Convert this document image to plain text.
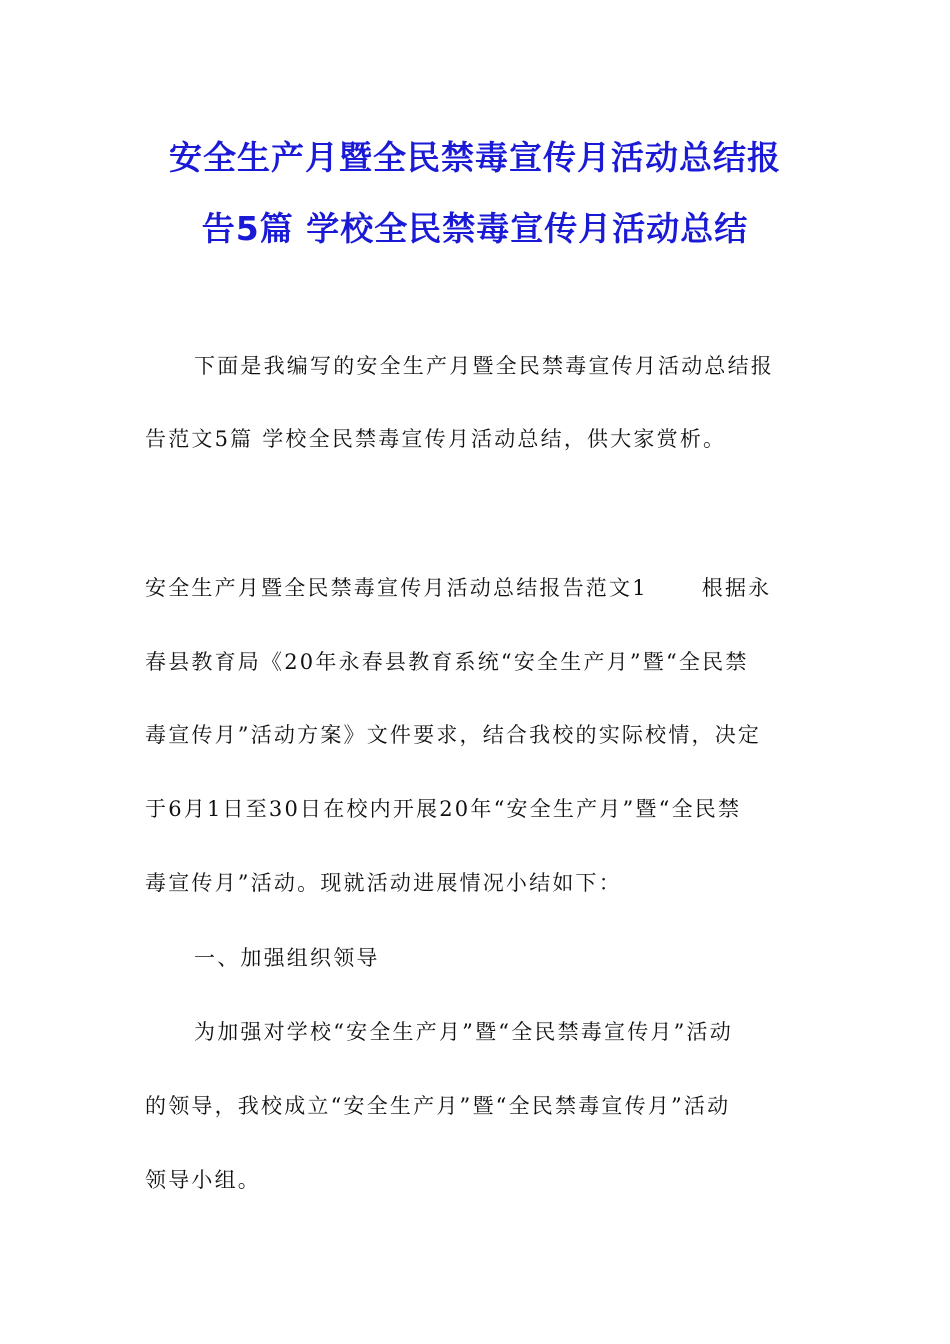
安全生产月暨全民禁毒宣传月活动总结报
告5篇 学校全民禁毒宣传月活动总结

下面是我编写的安全生产月暨全民禁毒宣传月活动总结报

告范文5篇 学校全民禁毒宣传月活动总结，供大家赏析。

安全生产月暨全民禁毒宣传月活动总结报告范文1	根据永

春县教育局《20年永春县教育系统“安全生产月”暨“全民禁

毒宣传月”活动方案》文件要求，结合我校的实际校情，决定

于6月1日至30日在校内开展20年“安全生产月”暨“全民禁

毒宣传月”活动。现就活动进展情况小结如下：

一、加强组织领导

为加强对学校“安全生产月”暨“全民禁毒宣传月”活动

的领导，我校成立“安全生产月”暨“全民禁毒宣传月”活动

领导小组。
